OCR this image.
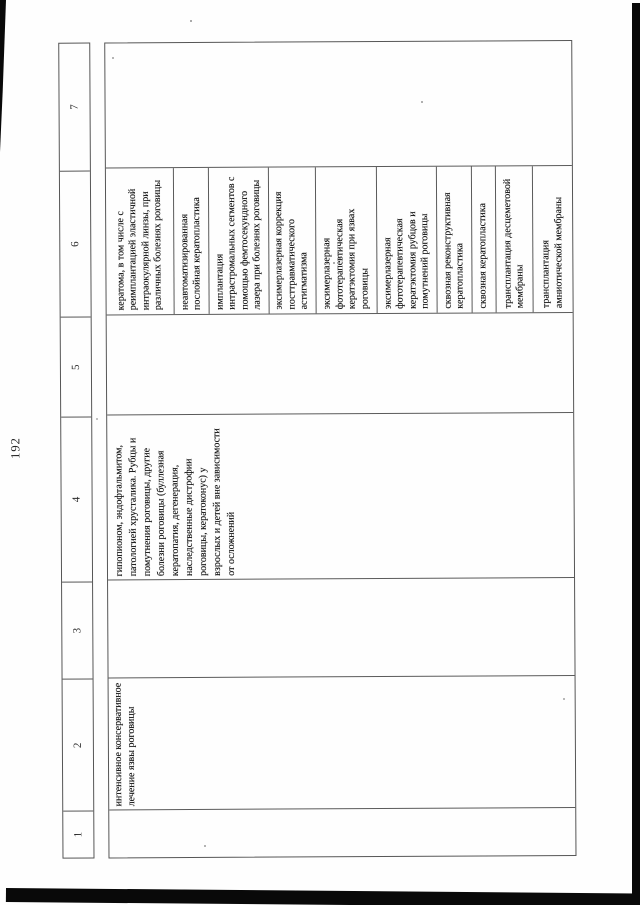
192
1
2
3
4
5
6
7
интенсивное консервативное
лечение язвы роговицы
гипопионом, эндофтальмитом,
патологией хрусталика. Рубцы и
помутнения роговицы, другие
болезни роговицы (буллезная
кератопатия, дегенерация,
наследственные дистрофии
роговицы, кератоконус) у
взрослых и детей вне зависимости
от осложнений
кератома, в том числе с
реимплантацией эластичной
интраокулярной линзы, при
различных болезнях роговицы неавтоматизированная
послойная кератопластика имплантация
интрастромальных сегментов с
помощью фемтосекундного
лазера при болезнях роговицы эксимерлазерная коррекция
посттравматического
астигматизма эксимерлазерная
фототерапевтическая
кератэктомия при язвах
роговицы эксимерлазерная
фототерапевтическая
кератэктомия рубцов и
помутнений роговицы сквозная реконструктивная
кератопластика сквозная кератопластика трансплантация десцеметовой
мембраны трансплантация
амниотической мембраны
